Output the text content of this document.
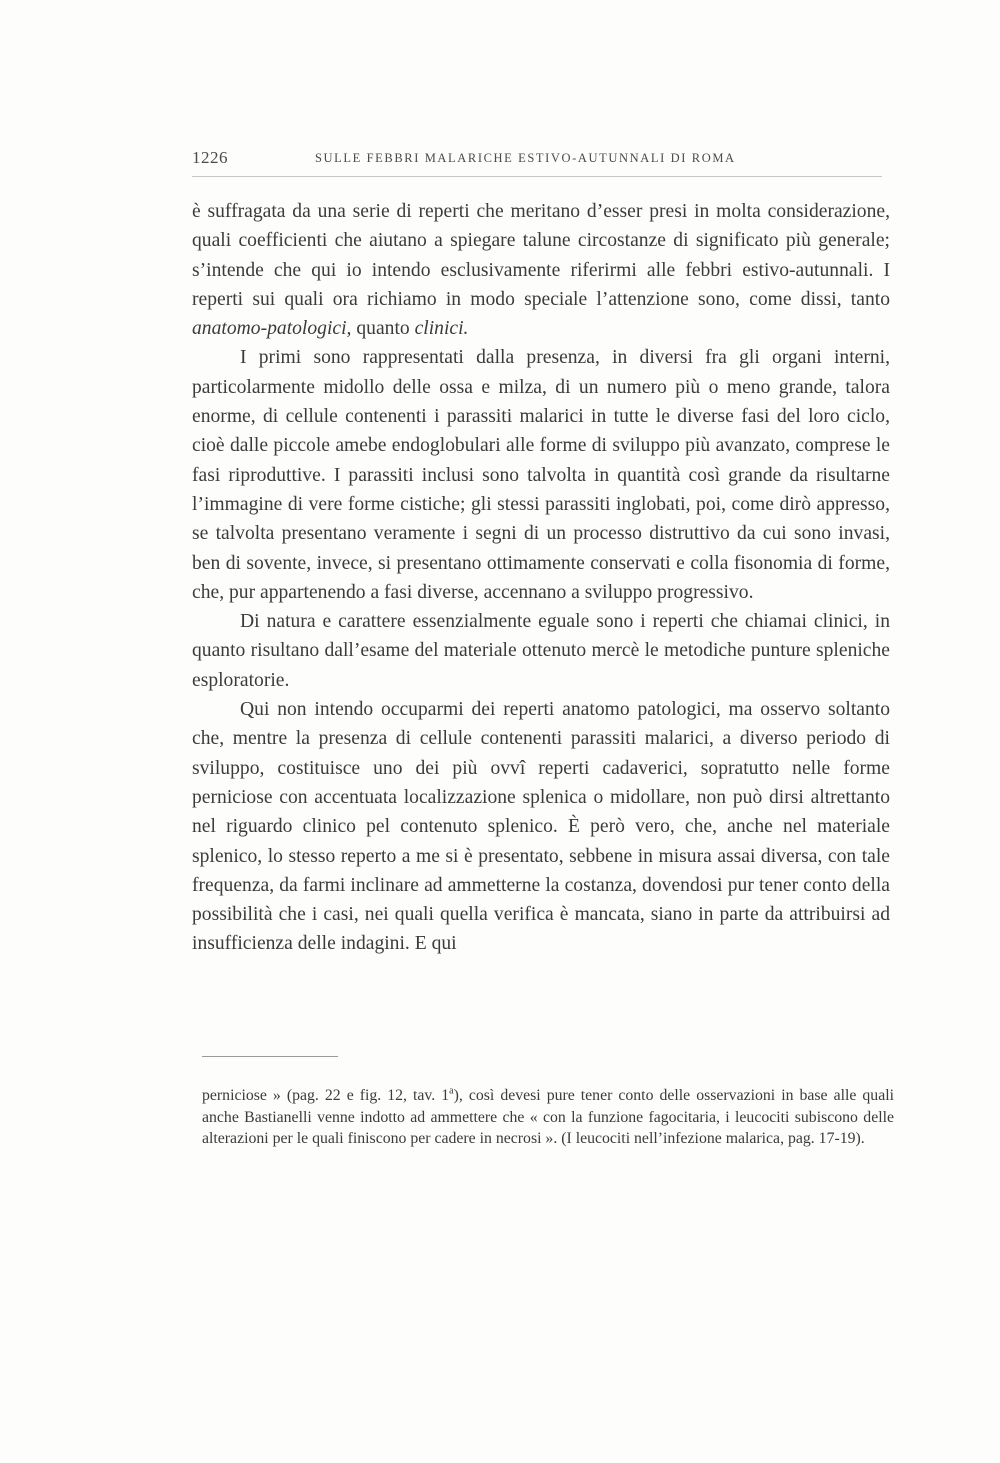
1226	SULLE FEBBRI MALARICHE ESTIVO-AUTUNNALI DI ROMA

è suffragata da una serie di reperti che meritano d’esser presi in molta considerazione, quali coefficienti che aiutano a spiegare talune circostanze di significato più generale; s’intende che qui io intendo esclusivamente riferirmi alle febbri estivo-autunnali. I reperti sui quali ora richiamo in modo speciale l’attenzione sono, come dissi, tanto anatomo-patologici, quanto clinici.

I primi sono rappresentati dalla presenza, in diversi fra gli organi interni, particolarmente midollo delle ossa e milza, di un numero più o meno grande, talora enorme, di cellule contenenti i parassiti malarici in tutte le diverse fasi del loro ciclo, cioè dalle piccole amebe endoglobulari alle forme di sviluppo più avanzato, comprese le fasi riproduttive. I parassiti inclusi sono talvolta in quantità così grande da risultarne l’immagine di vere forme cistiche; gli stessi parassiti inglobati, poi, come dirò appresso, se talvolta presentano veramente i segni di un processo distruttivo da cui sono invasi, ben di sovente, invece, si presentano ottimamente conservati e colla fisonomia di forme, che, pur appartenendo a fasi diverse, accennano a sviluppo progressivo.

Di natura e carattere essenzialmente eguale sono i reperti che chiamai clinici, in quanto risultano dall’esame del materiale ottenuto mercè le metodiche punture spleniche esploratorie.

Qui non intendo occuparmi dei reperti anatomo patologici, ma osservo soltanto che, mentre la presenza di cellule contenenti parassiti malarici, a diverso periodo di sviluppo, costituisce uno dei più ovvî reperti cadaverici, sopratutto nelle forme perniciose con accentuata localizzazione splenica o midollare, non può dirsi altrettanto nel riguardo clinico pel contenuto splenico. È però vero, che, anche nel materiale splenico, lo stesso reperto a me si è presentato, sebbene in misura assai diversa, con tale frequenza, da farmi inclinare ad ammetterne la costanza, dovendosi pur tener conto della possibilità che i casi, nei quali quella verifica è mancata, siano in parte da attribuirsi ad insufficienza delle indagini. E qui

perniciose » (pag. 22 e fig. 12, tav. 1$^a$), così devesi pure tener conto delle osservazioni in base alle quali anche Bastianelli venne indotto ad ammettere che « con la funzione fagocitaria, i leucociti subiscono delle alterazioni per le quali finiscono per cadere in necrosi ». (I leucociti nell’infezione malarica, pag. 17-19).
